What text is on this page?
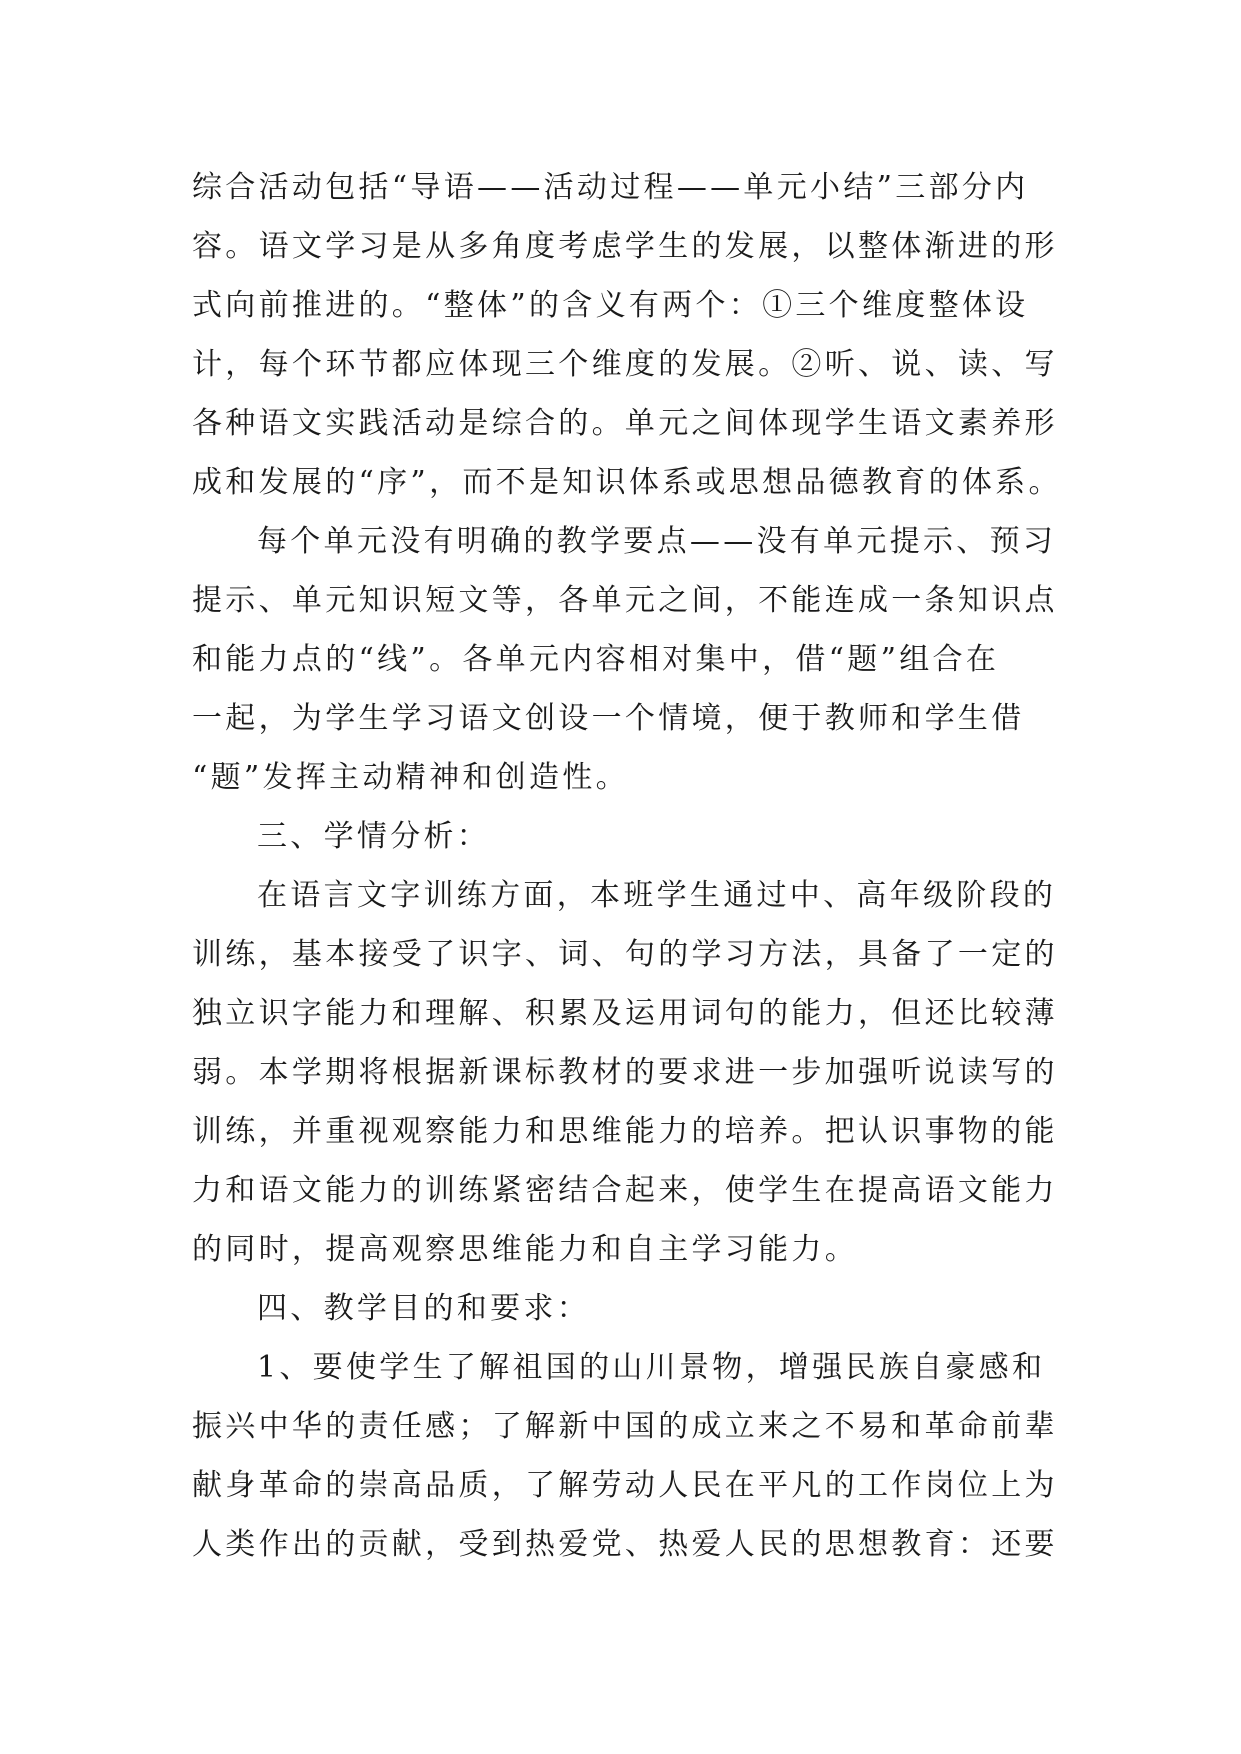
综合活动包括“导语——活动过程——单元小结”三部分内
容。语文学习是从多角度考虑学生的发展，以整体渐进的形
式向前推进的。“整体”的含义有两个：①三个维度整体设
计，每个环节都应体现三个维度的发展。②听、说、读、写
各种语文实践活动是综合的。单元之间体现学生语文素养形
成和发展的“序”，而不是知识体系或思想品德教育的体系。
每个单元没有明确的教学要点——没有单元提示、预习
提示、单元知识短文等，各单元之间，不能连成一条知识点
和能力点的“线”。各单元内容相对集中，借“题”组合在
一起，为学生学习语文创设一个情境，便于教师和学生借
“题”发挥主动精神和创造性。
三、学情分析：
在语言文字训练方面，本班学生通过中、高年级阶段的
训练，基本接受了识字、词、句的学习方法，具备了一定的
独立识字能力和理解、积累及运用词句的能力，但还比较薄
弱。本学期将根据新课标教材的要求进一步加强听说读写的
训练，并重视观察能力和思维能力的培养。把认识事物的能
力和语文能力的训练紧密结合起来，使学生在提高语文能力
的同时，提高观察思维能力和自主学习能力。
四、教学目的和要求：
1、要使学生了解祖国的山川景物，增强民族自豪感和
振兴中华的责任感；了解新中国的成立来之不易和革命前辈
献身革命的崇高品质，了解劳动人民在平凡的工作岗位上为
人类作出的贡献，受到热爱党、热爱人民的思想教育：还要
